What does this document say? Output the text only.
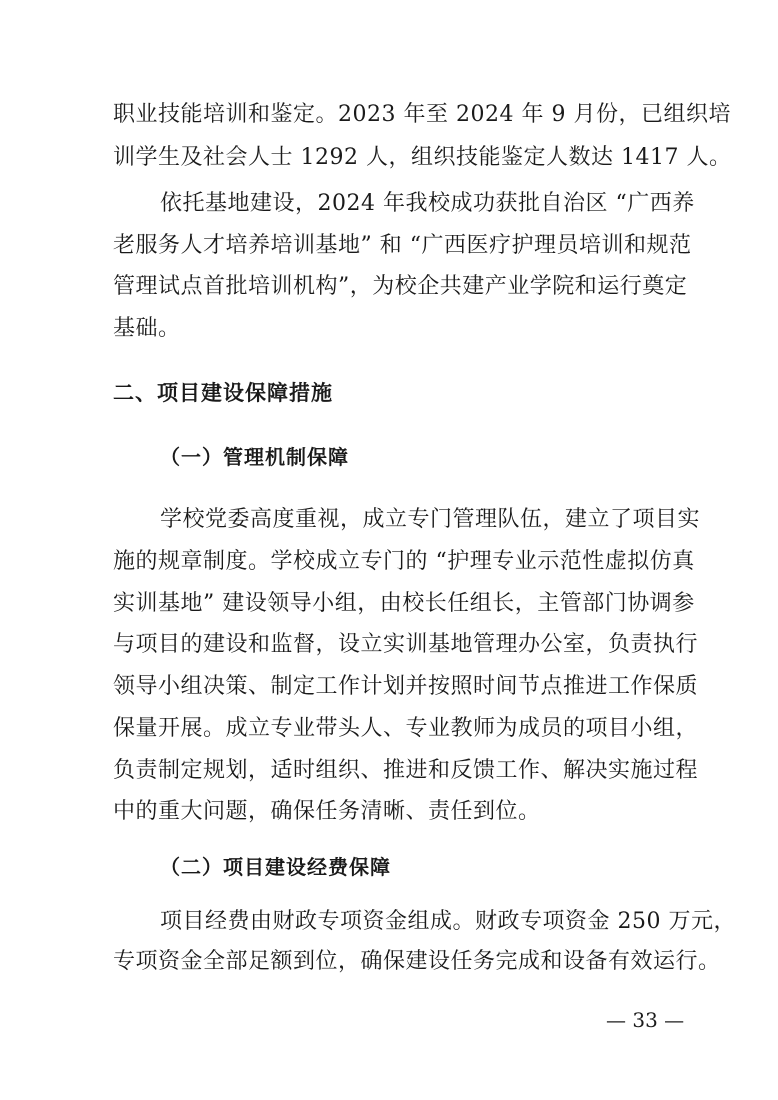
职业技能培训和鉴定。2023 年至 2024 年 9 月份，已组织培
训学生及社会人士 1292 人，组织技能鉴定人数达 1417 人。
依托基地建设，2024 年我校成功获批自治区 “广西养
老服务人才培养培训基地” 和 “广西医疗护理员培训和规范
管理试点首批培训机构”，为校企共建产业学院和运行奠定
基础。
二、项目建设保障措施
（一）管理机制保障
学校党委高度重视，成立专门管理队伍，建立了项目实
施的规章制度。学校成立专门的 “护理专业示范性虚拟仿真
实训基地” 建设领导小组，由校长任组长，主管部门协调参
与项目的建设和监督，设立实训基地管理办公室，负责执行
领导小组决策、制定工作计划并按照时间节点推进工作保质
保量开展。成立专业带头人、专业教师为成员的项目小组，
负责制定规划，适时组织、推进和反馈工作、解决实施过程
中的重大问题，确保任务清晰、责任到位。
（二）项目建设经费保障
项目经费由财政专项资金组成。财政专项资金 250 万元，
专项资金全部足额到位，确保建设任务完成和设备有效运行。
— 33 —
